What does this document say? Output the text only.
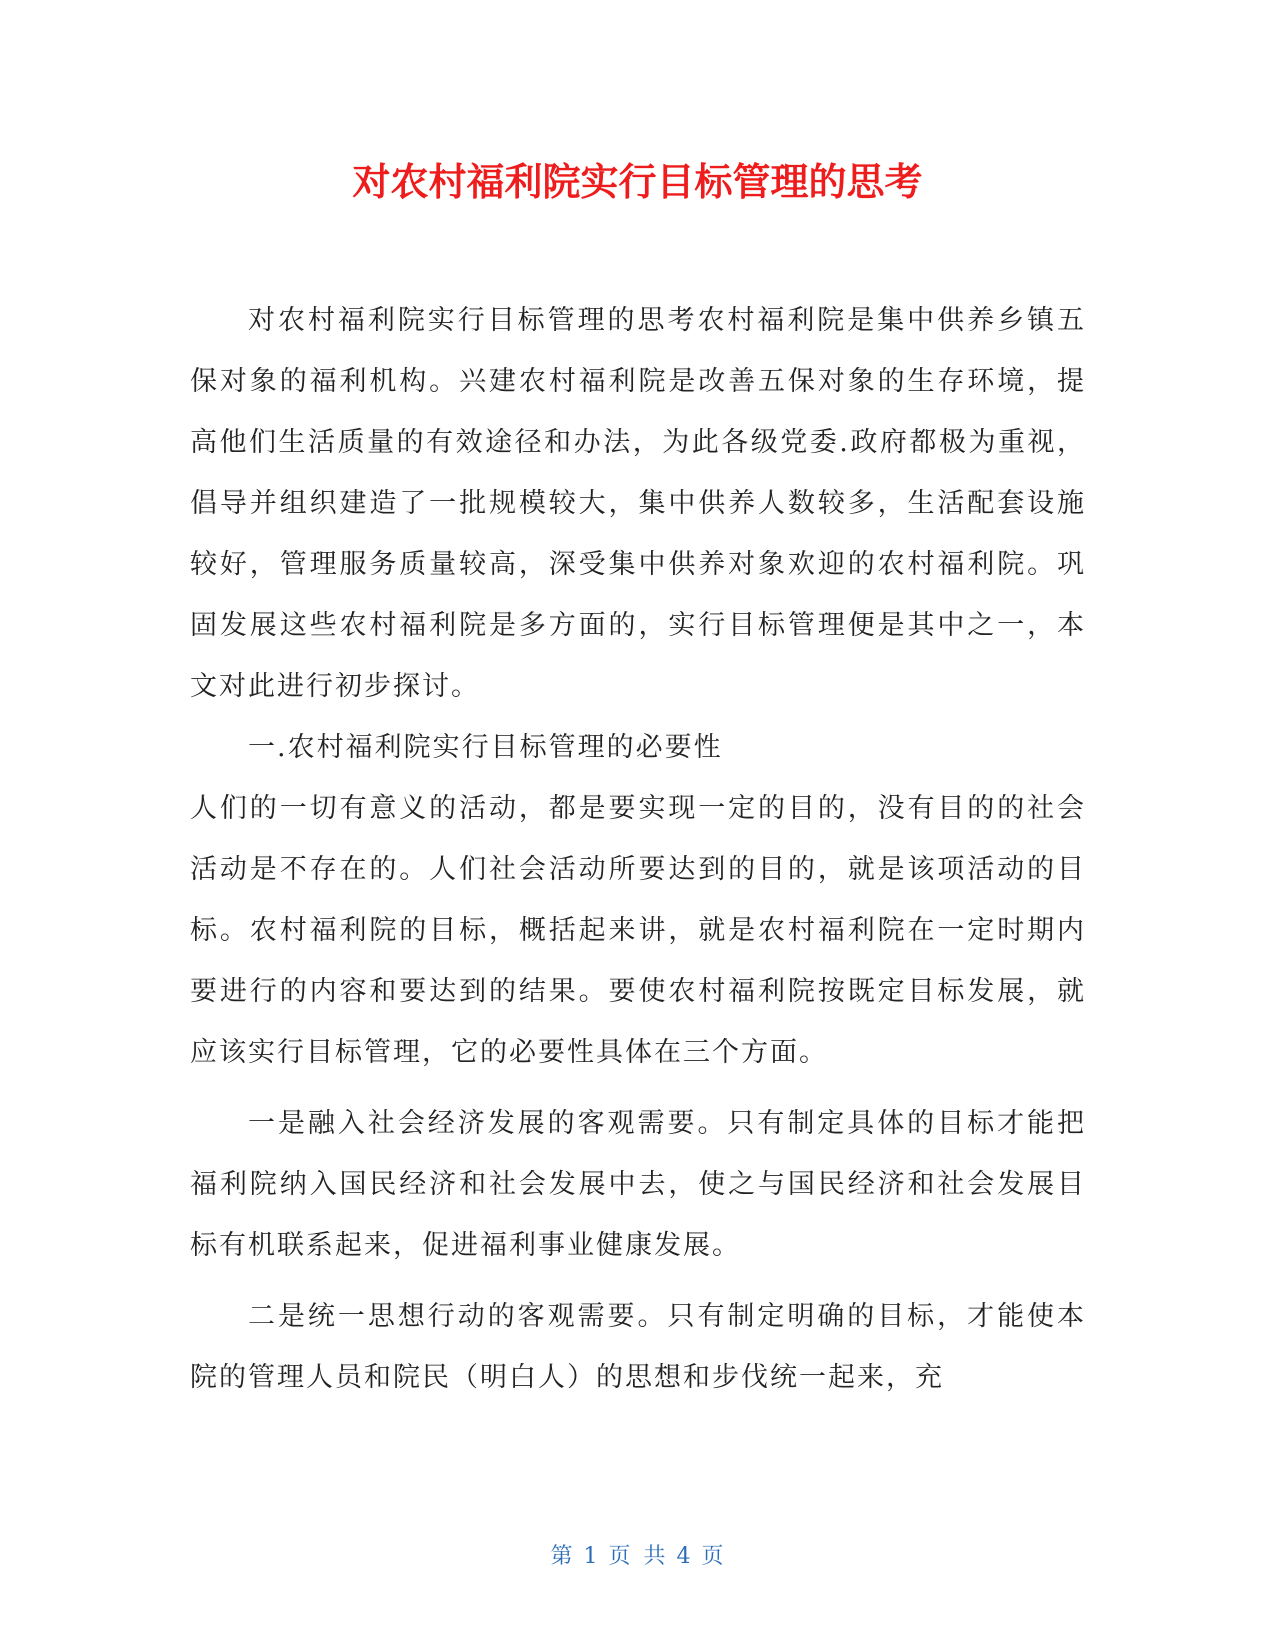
对农村福利院实行目标管理的思考

对农村福利院实行目标管理的思考农村福利院是集中供养乡镇五保对象的福利机构。兴建农村福利院是改善五保对象的生存环境，提高他们生活质量的有效途径和办法，为此各级党委.政府都极为重视，倡导并组织建造了一批规模较大，集中供养人数较多，生活配套设施较好，管理服务质量较高，深受集中供养对象欢迎的农村福利院。巩固发展这些农村福利院是多方面的，实行目标管理便是其中之一，本文对此进行初步探讨。

一.农村福利院实行目标管理的必要性

人们的一切有意义的活动，都是要实现一定的目的，没有目的的社会活动是不存在的。人们社会活动所要达到的目的，就是该项活动的目标。农村福利院的目标，概括起来讲，就是农村福利院在一定时期内要进行的内容和要达到的结果。要使农村福利院按既定目标发展，就应该实行目标管理，它的必要性具体在三个方面。

一是融入社会经济发展的客观需要。只有制定具体的目标才能把福利院纳入国民经济和社会发展中去，使之与国民经济和社会发展目标有机联系起来，促进福利事业健康发展。

二是统一思想行动的客观需要。只有制定明确的目标，才能使本院的管理人员和院民（明白人）的思想和步伐统一起来，充

第 1 页 共 4 页
